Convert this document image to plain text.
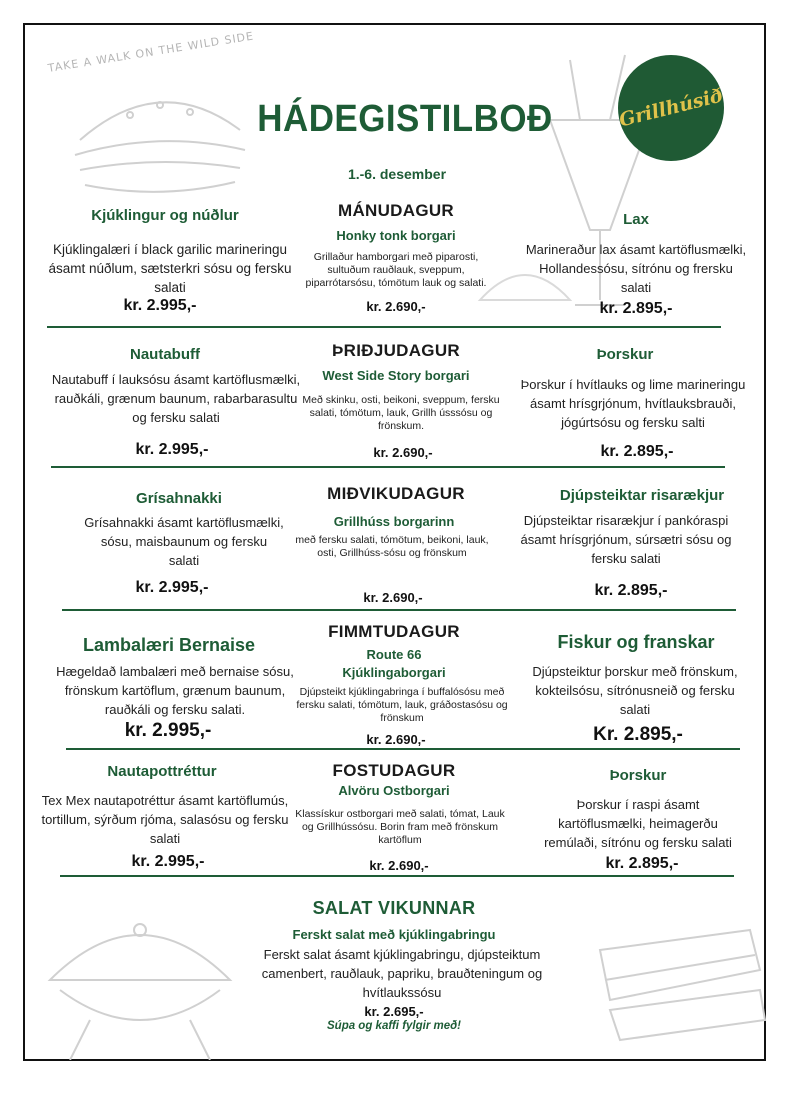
TAKE A WALK ON THE WILD SIDE
Grillhúsið
HÁDEGISTILBOÐ
1.-6. desember
MÁNUDAGUR
Honky tonk borgari
Grillaður hamborgari með piparosti, sultuðum rauðlauk, sveppum, piparrótarsósu, tómötum lauk og salati.
kr. 2.690,-
ÞRIÐJUDAGUR
West Side Story borgari
Með skinku, osti, beikoni, sveppum, fersku salati, tómötum, lauk, Grillh ússsósu og frönskum.
kr. 2.690,-
MIÐVIKUDAGUR
Grillhúss borgarinn
með fersku salati, tómötum, beikoni, lauk, osti, Grillhúss-sósu og frönskum
kr. 2.690,-
FIMMTUDAGUR
Route 66
Kjúklingaborgari
Djúpsteikt kjúklingabringa í buffalósósu með fersku salati, tómötum, lauk, gráðostasósu og frönskum
kr. 2.690,-
FOSTUDAGUR
Alvöru Ostborgari
Klassískur ostborgari með salati, tómat, Lauk og Grillhússósu. Borin fram með frönskum kartöflum
kr. 2.690,-
Kjúklingur og núðlur
Kjúklingalæri í black garilic marineringu ásamt núðlum, sætsterkri sósu og fersku salati
kr. 2.995,-
Nautabuff
Nautabuff í lauksósu ásamt kartöflusmælki, rauðkáli, grænum baunum, rabarbarasultu og fersku salati
kr. 2.995,-
Grísahnakki
Grísahnakki ásamt kartöflusmælki, sósu, maisbaunum og fersku salati
kr. 2.995,-
Lambalæri Bernaise
Hægeldað lambalæri með bernaise sósu, frönskum kartöflum, grænum baunum, rauðkáli og fersku salati.
kr. 2.995,-
Nautapottréttur
Tex Mex nautapotréttur ásamt kartöflumús, tortillum, sýrðum rjóma, salasósu og fersku salati
kr. 2.995,-
Lax
Marineraður lax ásamt kartöflusmælki, Hollandessósu, sítrónu og frersku salati
kr. 2.895,-
Þorskur
Þorskur í hvítlauks og lime marineringu ásamt hrísgrjónum, hvítlauksbrauði, jógúrtsósu og fersku salti
kr. 2.895,-
Djúpsteiktar risarækjur
Djúpsteiktar risarækjur í pankóraspi ásamt hrísgrjónum, súrsætri sósu og fersku salati
kr. 2.895,-
Fiskur og franskar
Djúpsteiktur þorskur með frönskum, kokteilsósu, sítrónusneið og fersku salati
Kr. 2.895,-
Þorskur
Þorskur í raspi ásamt kartöflusmælki, heimagerðu remúlaði, sítrónu og fersku salati
kr. 2.895,-
SALAT VIKUNNAR
Ferskt salat með kjúklingabringu
Ferskt salat ásamt kjúklingabringu, djúpsteiktum camenbert, rauðlauk, papriku, brauðteningum og hvítlaukssósu
kr. 2.695,-
Súpa og kaffi fylgir með!
